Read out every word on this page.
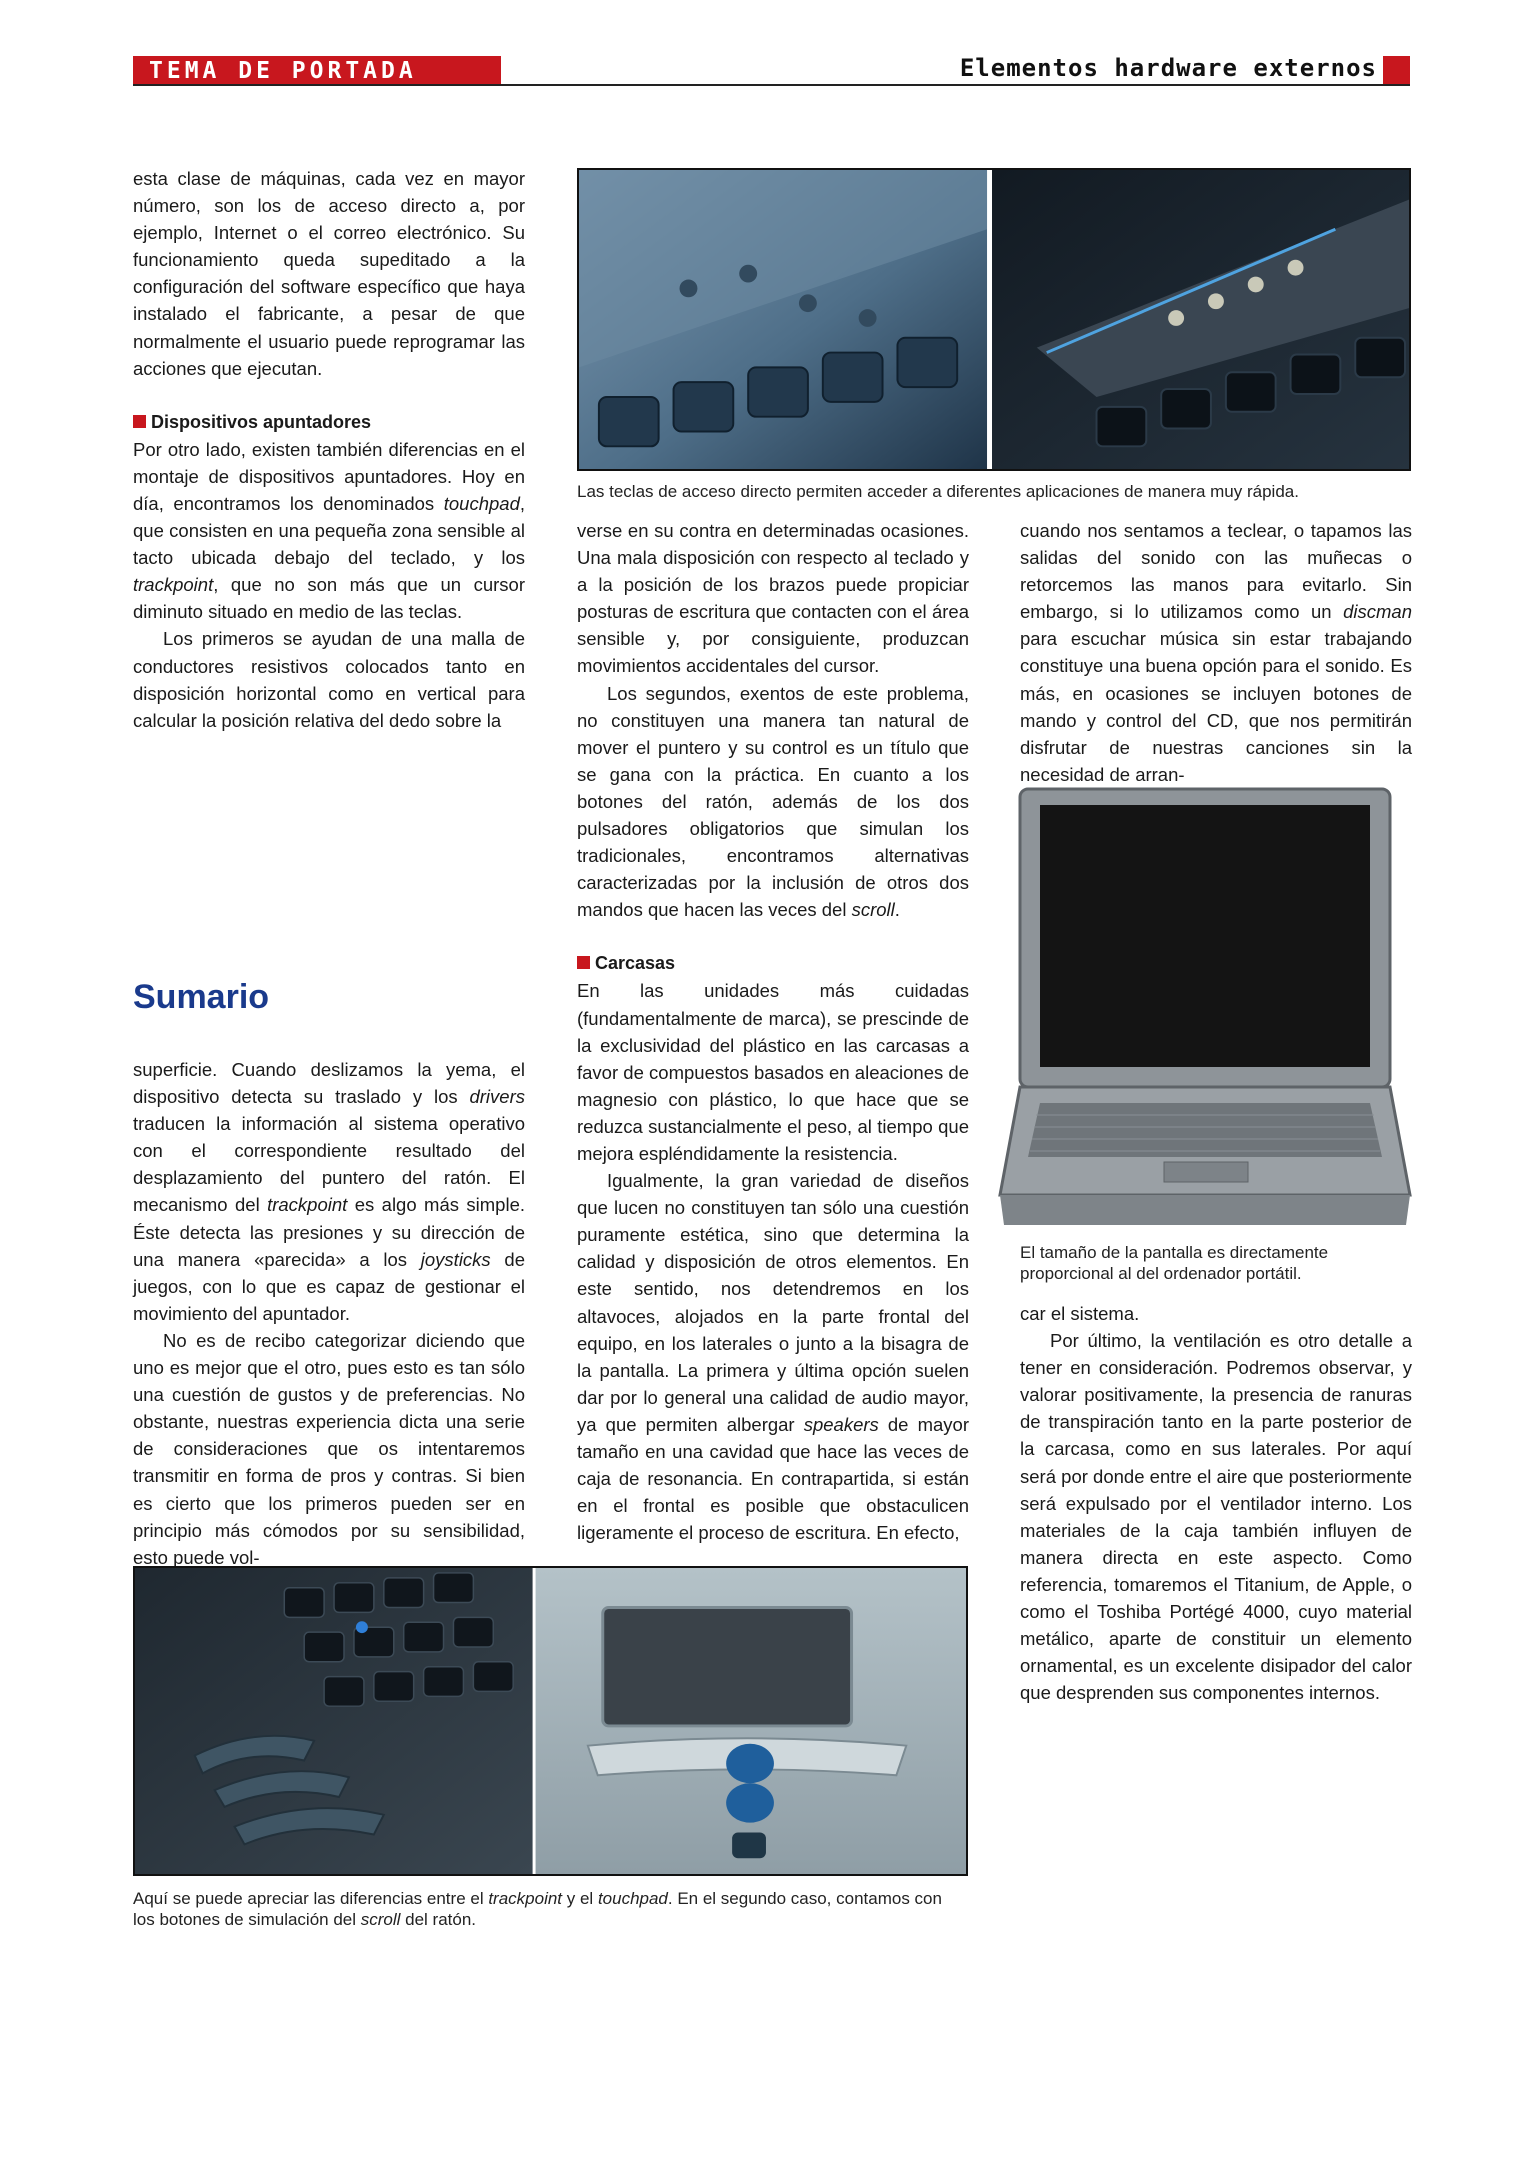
TEMA DE PORTADA	Elementos hardware externos

esta clase de máquinas, cada vez en mayor número, son los de acceso directo a, por ejemplo, Internet o el correo electrónico. Su funcionamiento queda supeditado a la configuración del software específico que haya instalado el fabricante, a pesar de que normalmente el usuario puede reprogramar las acciones que ejecutan.

Dispositivos apuntadores

Por otro lado, existen también diferencias en el montaje de dispositivos apuntadores. Hoy en día, encontramos los denominados touchpad, que consisten en una pequeña zona sensible al tacto ubicada debajo del teclado, y los trackpoint, que no son más que un cursor diminuto situado en medio de las teclas.

Los primeros se ayudan de una malla de conductores resistivos colocados tanto en disposición horizontal como en vertical para calcular la posición relativa del dedo sobre la

Sumario

superficie. Cuando deslizamos la yema, el dispositivo detecta su traslado y los drivers traducen la información al sistema operativo con el correspondiente resultado del desplazamiento del puntero del ratón. El mecanismo del trackpoint es algo más simple. Éste detecta las presiones y su dirección de una manera «parecida» a los joysticks de juegos, con lo que es capaz de gestionar el movimiento del apuntador.

No es de recibo categorizar diciendo que uno es mejor que el otro, pues esto es tan sólo una cuestión de gustos y de preferencias. No obstante, nuestras experiencia dicta una serie de consideraciones que os intentaremos transmitir en forma de pros y contras. Si bien es cierto que los primeros pueden ser en principio más cómodos por su sensibilidad, esto puede vol-

Las teclas de acceso directo permiten acceder a diferentes aplicaciones de manera muy rápida.

verse en su contra en determinadas ocasiones. Una mala disposición con respecto al teclado y a la posición de los brazos puede propiciar posturas de escritura que contacten con el área sensible y, por consiguiente, produzcan movimientos accidentales del cursor.

Los segundos, exentos de este problema, no constituyen una manera tan natural de mover el puntero y su control es un título que se gana con la práctica. En cuanto a los botones del ratón, además de los dos pulsadores obligatorios que simulan los tradicionales, encontramos alternativas caracterizadas por la inclusión de otros dos mandos que hacen las veces del scroll.

Carcasas

En las unidades más cuidadas (fundamentalmente de marca), se prescinde de la exclusividad del plástico en las carcasas a favor de compuestos basados en aleaciones de magnesio con plástico, lo que hace que se reduzca sustancialmente el peso, al tiempo que mejora espléndidamente la resistencia.

Igualmente, la gran variedad de diseños que lucen no constituyen tan sólo una cuestión puramente estética, sino que determina la calidad y disposición de otros elementos. En este sentido, nos detendremos en los altavoces, alojados en la parte frontal del equipo, en los laterales o junto a la bisagra de la pantalla. La primera y última opción suelen dar por lo general una calidad de audio mayor, ya que permiten albergar speakers de mayor tamaño en una cavidad que hace las veces de caja de resonancia. En contrapartida, si están en el frontal es posible que obstaculicen ligeramente el proceso de escritura. En efecto,

cuando nos sentamos a teclear, o tapamos las salidas del sonido con las muñecas o retorcemos las manos para evitarlo. Sin embargo, si lo utilizamos como un discman para escuchar música sin estar trabajando constituye una buena opción para el sonido. Es más, en ocasiones se incluyen botones de mando y control del CD, que nos permitirán disfrutar de nuestras canciones sin la necesidad de arran-

El tamaño de la pantalla es directamente proporcional al del ordenador portátil.

car el sistema.

Por último, la ventilación es otro detalle a tener en consideración. Podremos observar, y valorar positivamente, la presencia de ranuras de transpiración tanto en la parte posterior de la carcasa, como en sus laterales. Por aquí será por donde entre el aire que posteriormente será expulsado por el ventilador interno. Los materiales de la caja también influyen de manera directa en este aspecto. Como referencia, tomaremos el Titanium, de Apple, o como el Toshiba Portégé 4000, cuyo material metálico, aparte de constituir un elemento ornamental, es un excelente disipador del calor que desprenden sus componentes internos.

Aquí se puede apreciar las diferencias entre el trackpoint y el touchpad. En el segundo caso, contamos con los botones de simulación del scroll del ratón.
